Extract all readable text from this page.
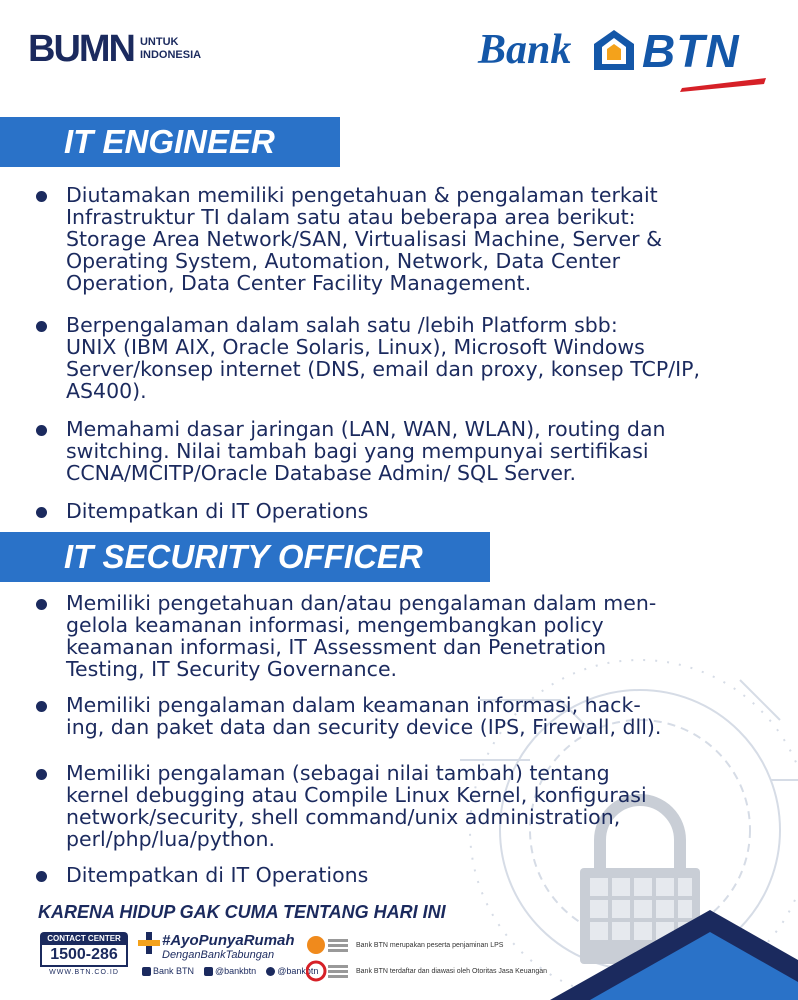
BUMN UNTUK
INDONESIA	Bank BTN
IT ENGINEER
Diutamakan memiliki pengetahuan & pengalaman terkait
Infrastruktur TI dalam satu atau beberapa area berikut:
Storage Area Network/SAN, Virtualisasi Machine, Server &
Operating System, Automation, Network, Data Center
Operation, Data Center Facility Management.
Berpengalaman dalam salah satu /lebih Platform sbb:
UNIX (IBM AIX, Oracle Solaris, Linux), Microsoft Windows
Server/konsep internet (DNS, email dan proxy, konsep TCP/IP,
AS400).
Memahami dasar jaringan (LAN, WAN, WLAN), routing dan
switching. Nilai tambah bagi yang mempunyai sertifikasi
CCNA/MCITP/Oracle Database Admin/ SQL Server.
Ditempatkan di IT Operations
IT SECURITY OFFICER
Memiliki pengetahuan dan/atau pengalaman dalam men-
gelola keamanan informasi, mengembangkan policy
keamanan informasi, IT Assessment dan Penetration
Testing, IT Security Governance.
Memiliki pengalaman dalam keamanan informasi, hack-
ing, dan paket data dan security device (IPS, Firewall, dll).
Memiliki pengalaman (sebagai nilai tambah) tentang
kernel debugging atau Compile Linux Kernel, konfigurasi
network/security, shell command/unix administration,
perl/php/lua/python.
Ditempatkan di IT Operations
KARENA HIDUP GAK CUMA TENTANG HARI INI
CONTACT CENTER
1500-286
WWW.BTN.CO.ID
#AyoPunyaRumah
DenganBankTabungan
Bank BTN @bankbtn @bankbtn
Bank BTN merupakan peserta penjaminan LPS
Bank BTN terdaftar dan diawasi oleh Otoritas Jasa Keuangan
